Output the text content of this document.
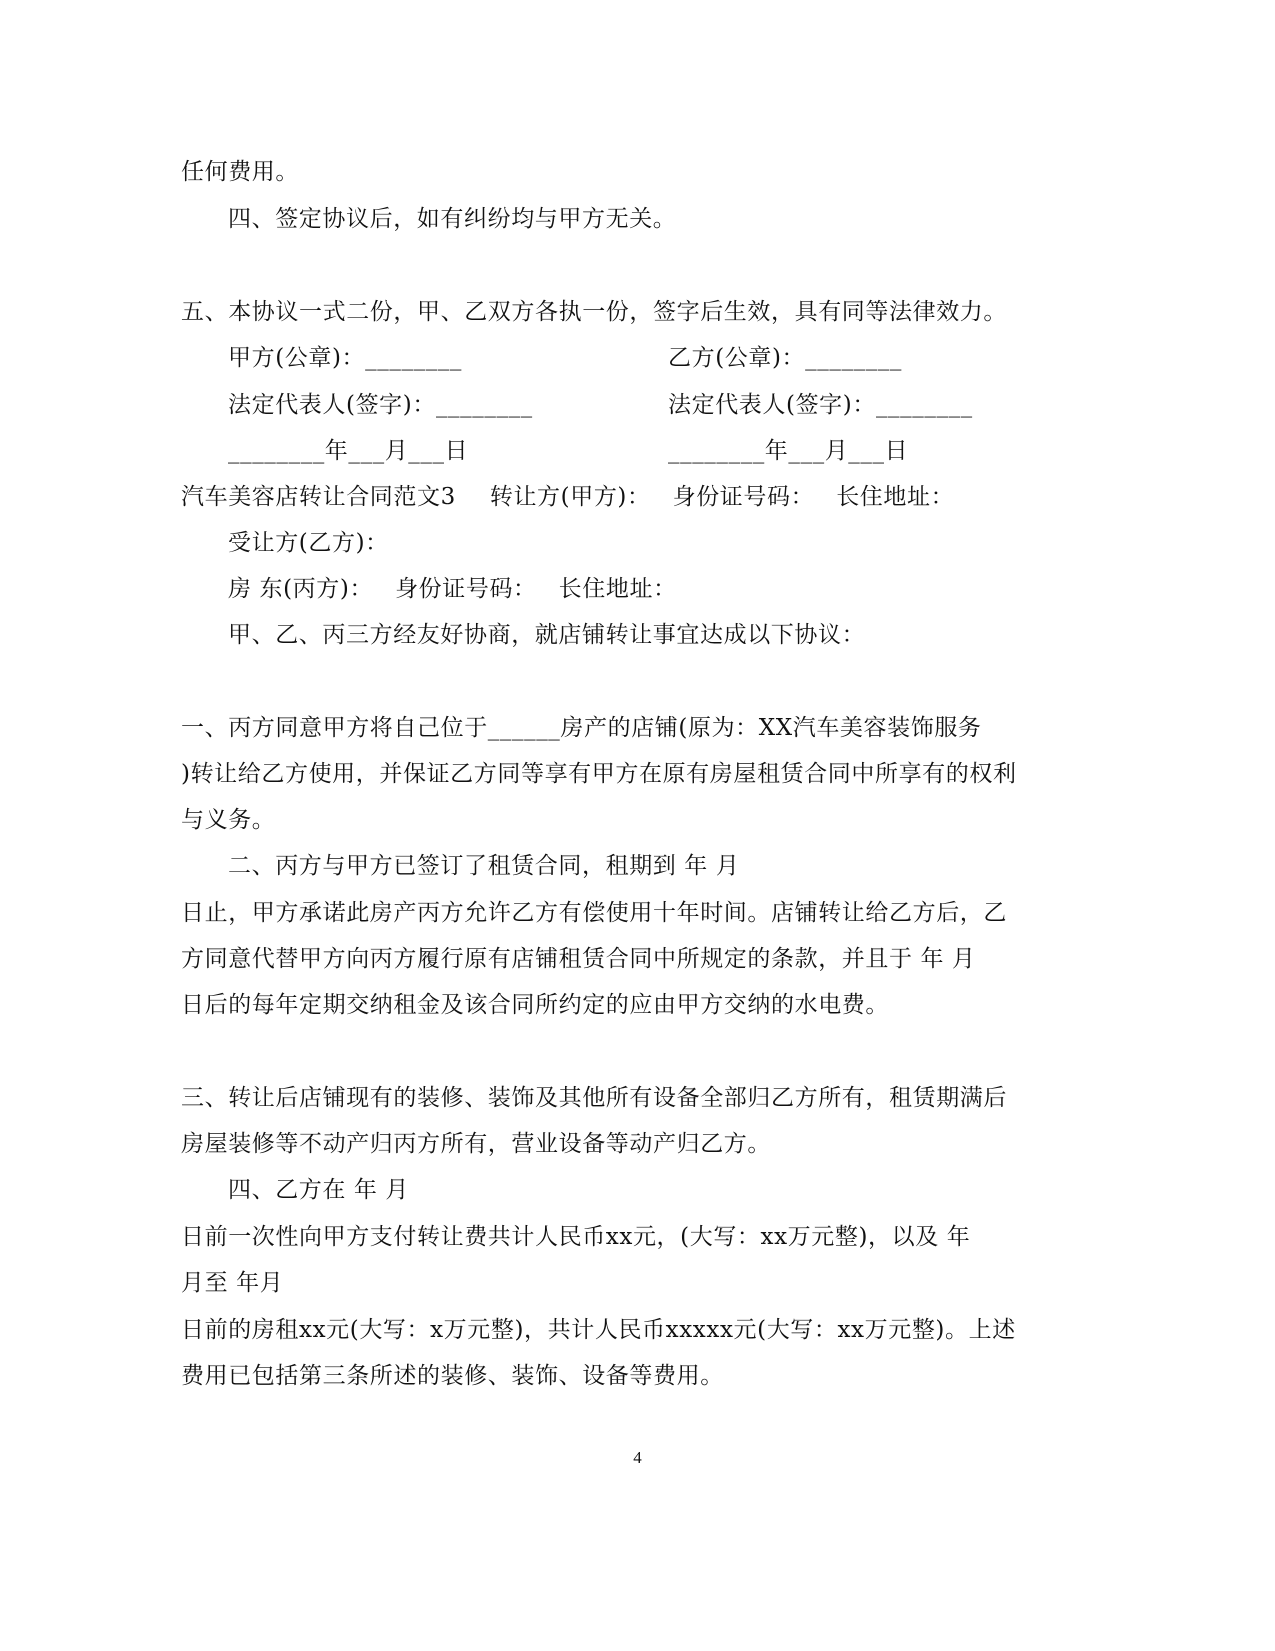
任何费用。

四、签定协议后，如有纠纷均与甲方无关。

五、本协议一式二份，甲、乙双方各执一份，签字后生效，具有同等法律效力。

甲方(公章)：________	乙方(公章)：________

法定代表人(签字)：________	法定代表人(签字)：________

________年___月___日	________年___月___日

汽车美容店转让合同范文3 转让方(甲方)： 身份证号码： 长住地址：

受让方(乙方)：

房 东(丙方)： 身份证号码： 长住地址：

甲、乙、丙三方经友好协商，就店铺转让事宜达成以下协议：

一、丙方同意甲方将自己位于______房产的店铺(原为：XX汽车美容装饰服务

)转让给乙方使用，并保证乙方同等享有甲方在原有房屋租赁合同中所享有的权利

与义务。

二、丙方与甲方已签订了租赁合同，租期到 年 月

日止，甲方承诺此房产丙方允许乙方有偿使用十年时间。店铺转让给乙方后，乙

方同意代替甲方向丙方履行原有店铺租赁合同中所规定的条款，并且于 年 月

日后的每年定期交纳租金及该合同所约定的应由甲方交纳的水电费。

三、转让后店铺现有的装修、装饰及其他所有设备全部归乙方所有，租赁期满后

房屋装修等不动产归丙方所有，营业设备等动产归乙方。

四、乙方在 年 月

日前一次性向甲方支付转让费共计人民币xx元，(大写：xx万元整)，以及 年

月至 年月

日前的房租xx元(大写：x万元整)，共计人民币xxxxx元(大写：xx万元整)。上述

费用已包括第三条所述的装修、装饰、设备等费用。

4
